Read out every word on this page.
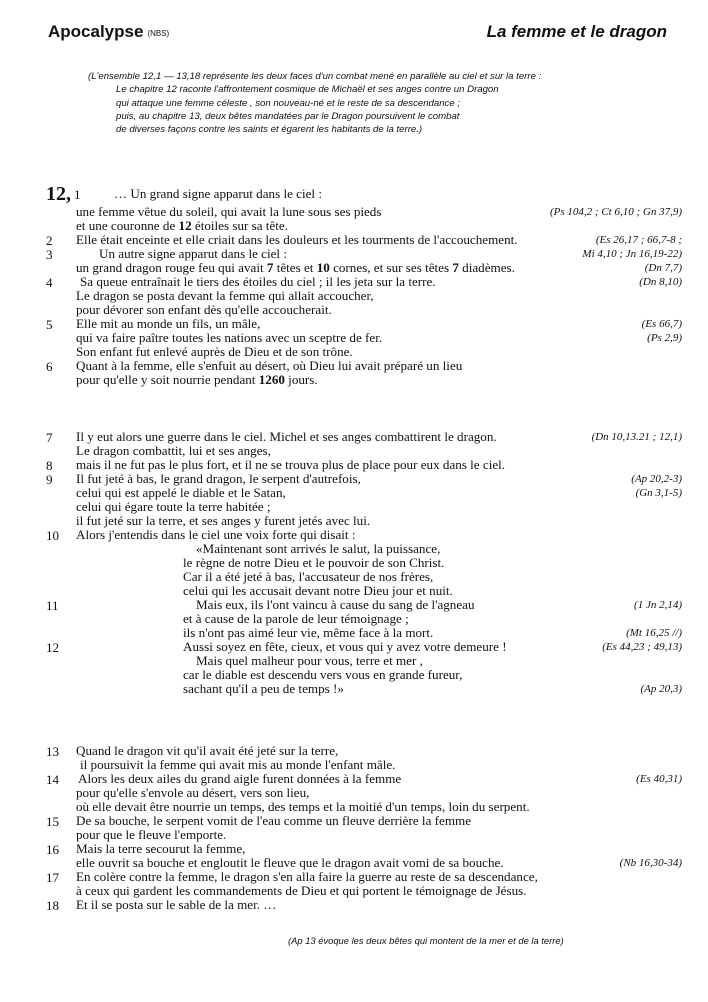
Apocalypse (NBS)	La femme et le dragon
(L'ensemble 12,1 — 13,18 représente les deux faces d'un combat mené en parallèle au ciel et sur la terre :
Le chapitre 12 raconte l'affrontement cosmique de Michaël et ses anges contre un Dragon
qui attaque une femme céleste , son nouveau-né et le reste de sa descendance ;
puis, au chapitre 13, deux bêtes mandatées par le Dragon poursuivent le combat
de diverses façons contre les saints et égarent les habitants de la terre.)
12, 1	… Un grand signe apparut dans le ciel :
une femme vêtue du soleil, qui avait la lune sous ses pieds	(Ps 104,2 ; Ct 6,10 ; Gn 37,9)
et une couronne de 12 étoiles sur sa tête.
2 Elle était enceinte et elle criait dans les douleurs et les tourments de l'accouchement.	(Es 26,17 ; 66,7-8 ;
3	Un autre signe apparut dans le ciel :	Mi 4,10 ; Jn 16,19-22)
un grand dragon rouge feu qui avait 7 têtes et 10 cornes, et sur ses têtes 7 diadèmes.	(Dn 7,7)
4 Sa queue entraînait le tiers des étoiles du ciel ; il les jeta sur la terre.	(Dn 8,10)
Le dragon se posta devant la femme qui allait accoucher,
pour dévorer son enfant dès qu'elle accoucherait.
5 Elle mit au monde un fils, un mâle,	(Es 66,7)
qui va faire paître toutes les nations avec un sceptre de fer.	(Ps 2,9)
Son enfant fut enlevé auprès de Dieu et de son trône.
6 Quant à la femme, elle s'enfuit au désert, où Dieu lui avait préparé un lieu
pour qu'elle y soit nourrie pendant 1260 jours.
7 Il y eut alors une guerre dans le ciel. Michel et ses anges combattirent le dragon.	(Dn 10,13.21 ; 12,1)
Le dragon combattit, lui et ses anges,
8 mais il ne fut pas le plus fort, et il ne se trouva plus de place pour eux dans le ciel.
9 Il fut jeté à bas, le grand dragon, le serpent d'autrefois,	(Ap 20,2-3)
celui qui est appelé le diable et le Satan,	(Gn 3,1-5)
celui qui égare toute la terre habitée ;
il fut jeté sur la terre, et ses anges y furent jetés avec lui.
10 Alors j'entendis dans le ciel une voix forte qui disait :
«Maintenant sont arrivés le salut, la puissance,
le règne de notre Dieu et le pouvoir de son Christ.
Car il a été jeté à bas, l'accusateur de nos frères,
celui qui les accusait devant notre Dieu jour et nuit.
11	Mais eux, ils l'ont vaincu à cause du sang de l'agneau	(1 Jn 2,14)
et à cause de la parole de leur témoignage ;
ils n'ont pas aimé leur vie, même face à la mort.	(Mt 16,25 //)
12	Aussi soyez en fête, cieux, et vous qui y avez votre demeure !	(Es 44,23 ; 49,13)
Mais quel malheur pour vous, terre et mer ,
car le diable est descendu vers vous en grande fureur,
sachant qu'il a peu de temps !»	(Ap 20,3)
13 Quand le dragon vit qu'il avait été jeté sur la terre,
il poursuivit la femme qui avait mis au monde l'enfant mâle.
14 Alors les deux ailes du grand aigle furent données à la femme	(Es 40,31)
pour qu'elle s'envole au désert, vers son lieu,
où elle devait être nourrie un temps, des temps et la moitié d'un temps, loin du serpent.
15 De sa bouche, le serpent vomit de l'eau comme un fleuve derrière la femme
pour que le fleuve l'emporte.
16 Mais la terre secourut la femme,
elle ouvrit sa bouche et engloutit le fleuve que le dragon avait vomi de sa bouche.	(Nb 16,30-34)
17 En colère contre la femme, le dragon s'en alla faire la guerre au reste de sa descendance,
à ceux qui gardent les commandements de Dieu et qui portent le témoignage de Jésus.
18 Et il se posta sur le sable de la mer. …
(Ap 13 évoque les deux bêtes qui montent de la mer et de la terre)
